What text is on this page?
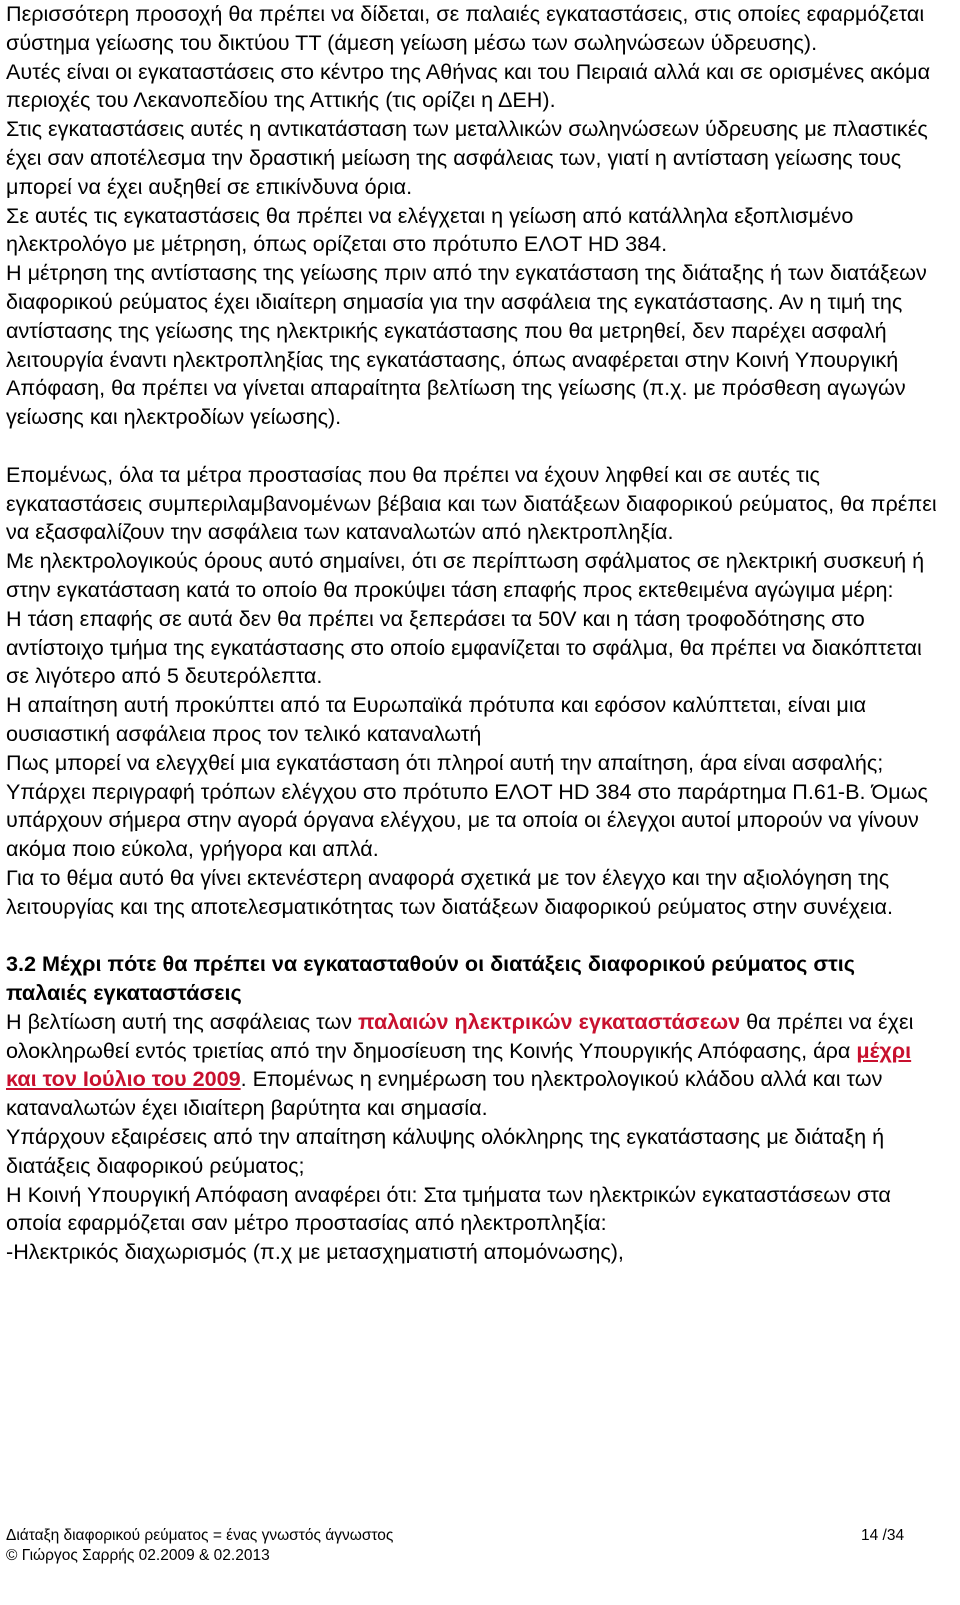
Περισσότερη προσοχή θα πρέπει να δίδεται, σε παλαιές εγκαταστάσεις, στις οποίες εφαρμόζεται σύστημα γείωσης του δικτύου ΤΤ (άμεση γείωση μέσω των σωληνώσεων ύδρευσης).

Αυτές είναι οι εγκαταστάσεις στο κέντρο της Αθήνας και του Πειραιά αλλά και σε ορισμένες ακόμα περιοχές του Λεκανοπεδίου της Αττικής (τις ορίζει η ΔΕΗ).

Στις εγκαταστάσεις αυτές η αντικατάσταση των μεταλλικών σωληνώσεων ύδρευσης με πλαστικές έχει σαν αποτέλεσμα την δραστική μείωση της ασφάλειας των, γιατί η αντίσταση γείωσης τους μπορεί να έχει αυξηθεί σε επικίνδυνα όρια.

Σε αυτές τις εγκαταστάσεις θα πρέπει να ελέγχεται η γείωση από κατάλληλα εξοπλισμένο ηλεκτρολόγο με μέτρηση, όπως ορίζεται στο πρότυπο ΕΛΟΤ HD 384.

Η μέτρηση της αντίστασης της γείωσης πριν από την εγκατάσταση της διάταξης ή των διατάξεων διαφορικού ρεύματος έχει ιδιαίτερη σημασία για την ασφάλεια της εγκατάστασης. Αν η τιμή της αντίστασης της γείωσης της ηλεκτρικής εγκατάστασης που θα μετρηθεί, δεν παρέχει ασφαλή λειτουργία έναντι ηλεκτροπληξίας της εγκατάστασης, όπως αναφέρεται στην Κοινή Υπουργική Απόφαση, θα πρέπει να γίνεται απαραίτητα βελτίωση της γείωσης (π.χ. με πρόσθεση αγωγών γείωσης και ηλεκτροδίων γείωσης).

Επομένως, όλα τα μέτρα προστασίας που θα πρέπει να έχουν ληφθεί και σε αυτές τις εγκαταστάσεις συμπεριλαμβανομένων βέβαια και των διατάξεων διαφορικού ρεύματος, θα πρέπει να εξασφαλίζουν την ασφάλεια των καταναλωτών από ηλεκτροπληξία.

Με ηλεκτρολογικούς όρους αυτό σημαίνει, ότι σε περίπτωση σφάλματος σε ηλεκτρική συσκευή ή στην εγκατάσταση κατά το οποίο θα προκύψει τάση επαφής προς εκτεθειμένα αγώγιμα μέρη:

Η τάση επαφής σε αυτά δεν θα πρέπει να ξεπεράσει τα 50V και η τάση τροφοδότησης στο αντίστοιχο τμήμα της εγκατάστασης στο οποίο εμφανίζεται το σφάλμα, θα πρέπει να διακόπτεται σε λιγότερο από 5 δευτερόλεπτα.

Η απαίτηση αυτή προκύπτει από τα Ευρωπαϊκά πρότυπα και εφόσον καλύπτεται, είναι μια ουσιαστική ασφάλεια προς τον τελικό καταναλωτή

Πως μπορεί να ελεγχθεί μια εγκατάσταση ότι πληροί αυτή την απαίτηση, άρα είναι ασφαλής;

Υπάρχει περιγραφή τρόπων ελέγχου στο πρότυπο ΕΛΟΤ HD 384 στο παράρτημα Π.61-Β. Όμως υπάρχουν σήμερα στην αγορά όργανα ελέγχου, με τα οποία οι έλεγχοι αυτοί μπορούν να γίνουν ακόμα ποιο εύκολα, γρήγορα και απλά.

Για το θέμα αυτό θα γίνει εκτενέστερη αναφορά σχετικά με τον έλεγχο και την αξιολόγηση της λειτουργίας και της αποτελεσματικότητας των διατάξεων διαφορικού ρεύματος στην συνέχεια.

3.2 Μέχρι πότε θα πρέπει να εγκατασταθούν οι διατάξεις διαφορικού ρεύματος στις παλαιές εγκαταστάσεις

Η βελτίωση αυτή της ασφάλειας των παλαιών ηλεκτρικών εγκαταστάσεων θα πρέπει να έχει ολοκληρωθεί εντός τριετίας από την δημοσίευση της Κοινής Υπουργικής Απόφασης, άρα μέχρι και τον Ιούλιο του 2009. Επομένως η ενημέρωση του ηλεκτρολογικού κλάδου αλλά και των καταναλωτών έχει ιδιαίτερη βαρύτητα και σημασία.

Υπάρχουν εξαιρέσεις από την απαίτηση κάλυψης ολόκληρης της εγκατάστασης με διάταξη ή διατάξεις διαφορικού ρεύματος;

Η Κοινή Υπουργική Απόφαση αναφέρει ότι: Στα τμήματα των ηλεκτρικών εγκαταστάσεων στα οποία εφαρμόζεται σαν μέτρο προστασίας από ηλεκτροπληξία:

-Ηλεκτρικός διαχωρισμός (π.χ με μετασχηματιστή απομόνωσης),

Διάταξη διαφορικού ρεύματος = ένας γνωστός άγνωστος	14 /34
© Γιώργος Σαρρής 02.2009 & 02.2013
